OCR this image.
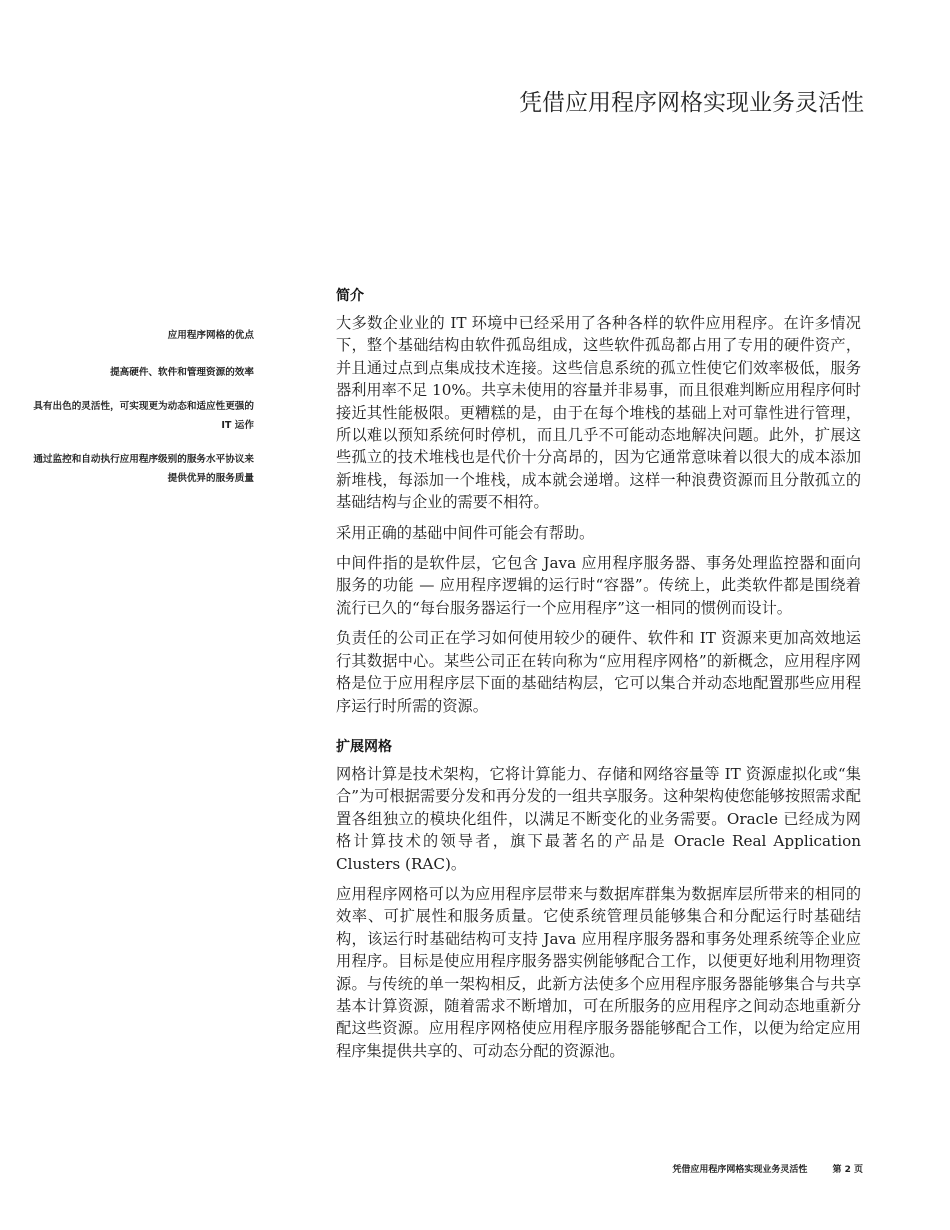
凭借应用程序网格实现业务灵活性
应用程序网格的优点
提高硬件、软件和管理资源的效率
具有出色的灵活性，可实现更为动态和适应性更强的 IT 运作
通过监控和自动执行应用程序级别的服务水平协议来提供优异的服务质量
简介

大多数企业业的 IT 环境中已经采用了各种各样的软件应用程序。在许多情况下，整个基础结构由软件孤岛组成，这些软件孤岛都占用了专用的硬件资产，并且通过点到点集成技术连接。这些信息系统的孤立性使它们效率极低，服务器利用率不足 10%。共享未使用的容量并非易事，而且很难判断应用程序何时接近其性能极限。更糟糕的是，由于在每个堆栈的基础上对可靠性进行管理，所以难以预知系统何时停机，而且几乎不可能动态地解决问题。此外，扩展这些孤立的技术堆栈也是代价十分高昂的，因为它通常意味着以很大的成本添加新堆栈，每添加一个堆栈，成本就会递增。这样一种浪费资源而且分散孤立的基础结构与企业的需要不相符。

采用正确的基础中间件可能会有帮助。

中间件指的是软件层，它包含 Java 应用程序服务器、事务处理监控器和面向服务的功能 — 应用程序逻辑的运行时“容器”。传统上，此类软件都是围绕着流行已久的“每台服务器运行一个应用程序”这一相同的惯例而设计。

负责任的公司正在学习如何使用较少的硬件、软件和 IT 资源来更加高效地运行其数据中心。某些公司正在转向称为“应用程序网格”的新概念，应用程序网格是位于应用程序层下面的基础结构层，它可以集合并动态地配置那些应用程序运行时所需的资源。

扩展网格

网格计算是技术架构，它将计算能力、存储和网络容量等 IT 资源虚拟化或“集合”为可根据需要分发和再分发的一组共享服务。这种架构使您能够按照需求配置各组独立的模块化组件，以满足不断变化的业务需要。Oracle 已经成为网格计算技术的领导者，旗下最著名的产品是 Oracle Real Application Clusters (RAC)。

应用程序网格可以为应用程序层带来与数据库群集为数据库层所带来的相同的效率、可扩展性和服务质量。它使系统管理员能够集合和分配运行时基础结构，该运行时基础结构可支持 Java 应用程序服务器和事务处理系统等企业应用程序。目标是使应用程序服务器实例能够配合工作，以便更好地利用物理资源。与传统的单一架构相反，此新方法使多个应用程序服务器能够集合与共享基本计算资源，随着需求不断增加，可在所服务的应用程序之间动态地重新分配这些资源。应用程序网格使应用程序服务器能够配合工作，以便为给定应用程序集提供共享的、可动态分配的资源池。

凭借应用程序网格实现业务灵活性	第 2 页
